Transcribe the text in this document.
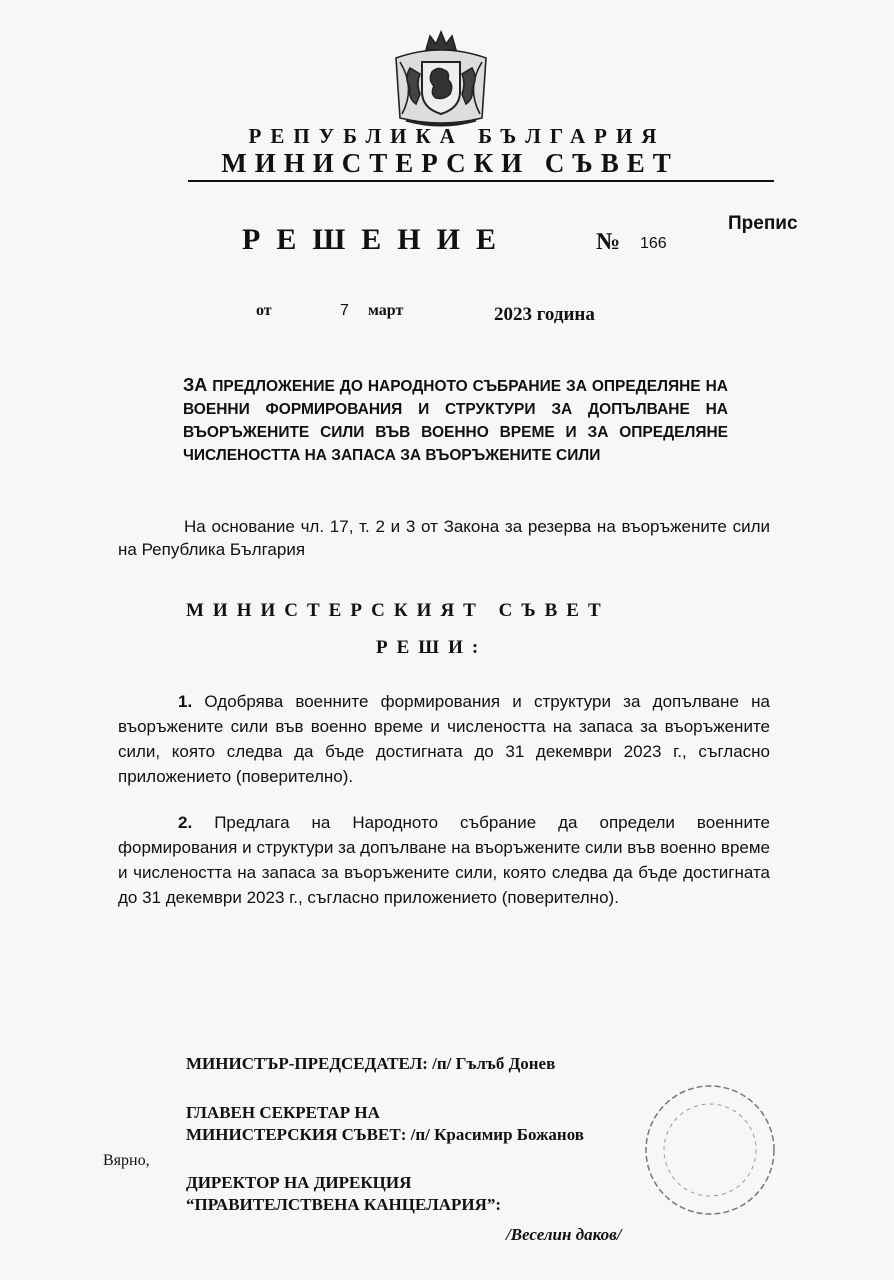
РЕПУБЛИКА БЪЛГАРИЯ
МИНИСТЕРСКИ СЪВЕТ
Препис
РЕШЕНИЕ	№ 166
от	7 март	2023 година
ЗА ПРЕДЛОЖЕНИЕ ДО НАРОДНОТО СЪБРАНИЕ ЗА ОПРЕДЕЛЯНЕ НА ВОЕННИ ФОРМИРОВАНИЯ И СТРУКТУРИ ЗА ДОПЪЛВАНЕ НА ВЪОРЪЖЕНИТЕ СИЛИ ВЪВ ВОЕННО ВРЕМЕ И ЗА ОПРЕДЕЛЯНЕ ЧИСЛЕНОСТТА НА ЗАПАСА ЗА ВЪОРЪЖЕНИТЕ СИЛИ
На основание чл. 17, т. 2 и 3 от Закона за резерва на въоръжените сили на Република България
МИНИСТЕРСКИЯТ СЪВЕТ
РЕШИ:
1. Одобрява военните формирования и структури за допълване на въоръжените сили във военно време и числеността на запаса за въоръжените сили, която следва да бъде достигната до 31 декември 2023 г., съгласно приложението (поверително).
2. Предлага на Народното събрание да определи военните формирования и структури за допълване на въоръжените сили във военно време и числеността на запаса за въоръжените сили, която следва да бъде достигната до 31 декември 2023 г., съгласно приложението (поверително).
МИНИСТЪР-ПРЕДСЕДАТЕЛ: /п/ Гълъб Донев
ГЛАВЕН СЕКРЕТАР НА
МИНИСТЕРСКИЯ СЪВЕТ: /п/ Красимир Божанов
Вярно,
ДИРЕКТОР НА ДИРЕКЦИЯ
“ПРАВИТЕЛСТВЕНА КАНЦЕЛАРИЯ”:
/Веселин даков/
